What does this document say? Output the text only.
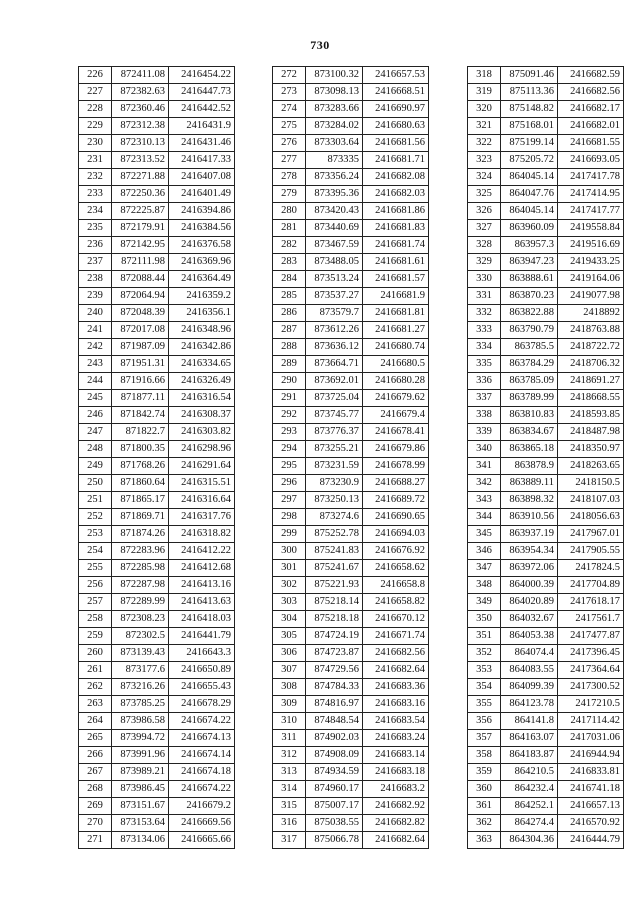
730
226	872411.08	2416454.22
227	872382.63	2416447.73
228	872360.46	2416442.52
229	872312.38	2416431.9
230	872310.13	2416431.46
231	872313.52	2416417.33
232	872271.88	2416407.08
233	872250.36	2416401.49
234	872225.87	2416394.86
235	872179.91	2416384.56
236	872142.95	2416376.58
237	872111.98	2416369.96
238	872088.44	2416364.49
239	872064.94	2416359.2
240	872048.39	2416356.1
241	872017.08	2416348.96
242	871987.09	2416342.86
243	871951.31	2416334.65
244	871916.66	2416326.49
245	871877.11	2416316.54
246	871842.74	2416308.37
247	871822.7	2416303.82
248	871800.35	2416298.96
249	871768.26	2416291.64
250	871860.64	2416315.51
251	871865.17	2416316.64
252	871869.71	2416317.76
253	871874.26	2416318.82
254	872283.96	2416412.22
255	872285.98	2416412.68
256	872287.98	2416413.16
257	872289.99	2416413.63
258	872308.23	2416418.03
259	872302.5	2416441.79
260	873139.43	2416643.3
261	873177.6	2416650.89
262	873216.26	2416655.43
263	873785.25	2416678.29
264	873986.58	2416674.22
265	873994.72	2416674.13
266	873991.96	2416674.14
267	873989.21	2416674.18
268	873986.45	2416674.22
269	873151.67	2416679.2
270	873153.64	2416669.56
271	873134.06	2416665.66
272	873100.32	2416657.53
273	873098.13	2416668.51
274	873283.66	2416690.97
275	873284.02	2416680.63
276	873303.64	2416681.56
277	873335	2416681.71
278	873356.24	2416682.08
279	873395.36	2416682.03
280	873420.43	2416681.86
281	873440.69	2416681.83
282	873467.59	2416681.74
283	873488.05	2416681.61
284	873513.24	2416681.57
285	873537.27	2416681.9
286	873579.7	2416681.81
287	873612.26	2416681.27
288	873636.12	2416680.74
289	873664.71	2416680.5
290	873692.01	2416680.28
291	873725.04	2416679.62
292	873745.77	2416679.4
293	873776.37	2416678.41
294	873255.21	2416679.86
295	873231.59	2416678.99
296	873230.9	2416688.27
297	873250.13	2416689.72
298	873274.6	2416690.65
299	875252.78	2416694.03
300	875241.83	2416676.92
301	875241.67	2416658.62
302	875221.93	2416658.8
303	875218.14	2416658.82
304	875218.18	2416670.12
305	874724.19	2416671.74
306	874723.87	2416682.56
307	874729.56	2416682.64
308	874784.33	2416683.36
309	874816.97	2416683.16
310	874848.54	2416683.54
311	874902.03	2416683.24
312	874908.09	2416683.14
313	874934.59	2416683.18
314	874960.17	2416683.2
315	875007.17	2416682.92
316	875038.55	2416682.82
317	875066.78	2416682.64
318	875091.46	2416682.59
319	875113.36	2416682.56
320	875148.82	2416682.17
321	875168.01	2416682.01
322	875199.14	2416681.55
323	875205.72	2416693.05
324	864045.14	2417417.78
325	864047.76	2417414.95
326	864045.14	2417417.77
327	863960.09	2419558.84
328	863957.3	2419516.69
329	863947.23	2419433.25
330	863888.61	2419164.06
331	863870.23	2419077.98
332	863822.88	2418892
333	863790.79	2418763.88
334	863785.5	2418722.72
335	863784.29	2418706.32
336	863785.09	2418691.27
337	863789.99	2418668.55
338	863810.83	2418593.85
339	863834.67	2418487.98
340	863865.18	2418350.97
341	863878.9	2418263.65
342	863889.11	2418150.5
343	863898.32	2418107.03
344	863910.56	2418056.63
345	863937.19	2417967.01
346	863954.34	2417905.55
347	863972.06	2417824.5
348	864000.39	2417704.89
349	864020.89	2417618.17
350	864032.67	2417561.7
351	864053.38	2417477.87
352	864074.4	2417396.45
353	864083.55	2417364.64
354	864099.39	2417300.52
355	864123.78	2417210.5
356	864141.8	2417114.42
357	864163.07	2417031.06
358	864183.87	2416944.94
359	864210.5	2416833.81
360	864232.4	2416741.18
361	864252.1	2416657.13
362	864274.4	2416570.92
363	864304.36	2416444.79
